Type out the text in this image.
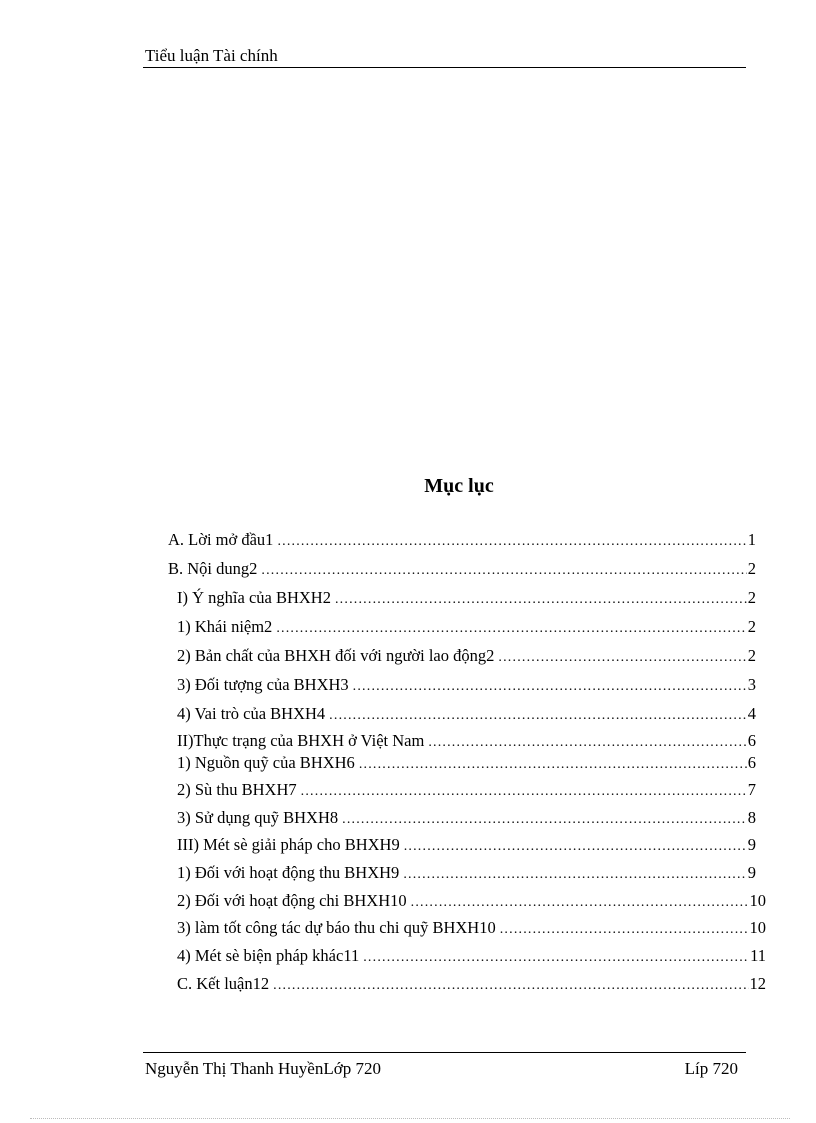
Tiểu luận Tài chính
Mục lục
A. Lời mở đầu1 .....	1
B. Nội dung2 .....	2
I) Ý nghĩa của BHXH2 .....	2
1) Khái niệm2 .....	2
2) Bản chất của BHXH đối với người lao động2 .....	2
3) Đối tượng của BHXH3 .....	3
4) Vai trò của BHXH4 .....	4
II)Thực trạng của BHXH ở Việt Nam .....	6
1) Nguồn quỹ của BHXH6 .....	6
2) Sù thu BHXH7 .....	7
3) Sử dụng quỹ BHXH8 .....	8
III) Mét sè giải pháp cho BHXH9 .....	9
1) Đối với hoạt động thu BHXH9 .....	9
2) Đối với hoạt động chi BHXH10 .....	10
3) làm tốt công tác dự báo thu chi quỹ BHXH10 .....	10
4) Mét sè biện pháp khác11 .....	11
C. Kết luận12 .....	12
Nguyễn Thị Thanh HuyềnLớp 720	Líp 720
